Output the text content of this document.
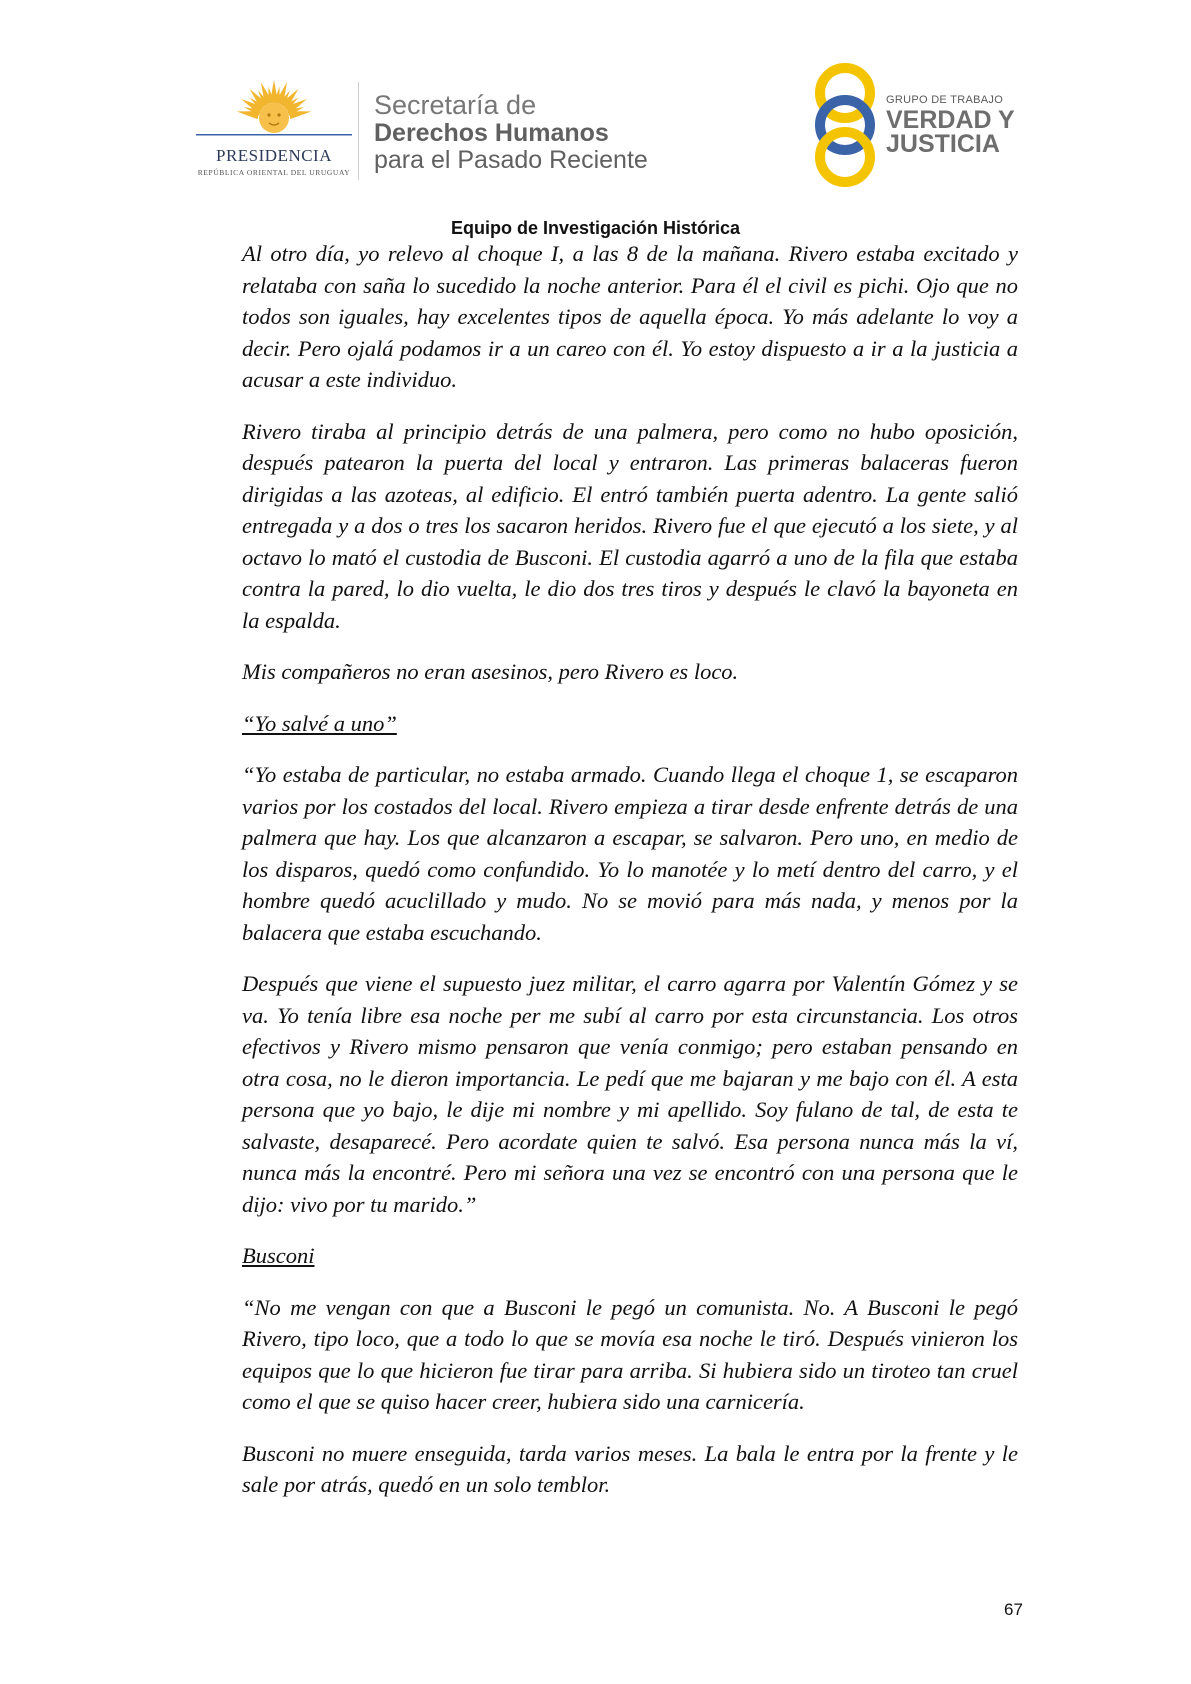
PRESIDENCIA
REPÚBLICA ORIENTAL DEL URUGUAY
Secretaría de
Derechos Humanos
para el Pasado Reciente
GRUPO DE TRABAJO
VERDAD Y
JUSTICIA
Equipo de Investigación Histórica

Al otro día, yo relevo al choque I, a las 8 de la mañana. Rivero estaba excitado y relataba con saña lo sucedido la noche anterior. Para él el civil es pichi. Ojo que no todos son iguales, hay excelentes tipos de aquella época. Yo más adelante lo voy a decir. Pero ojalá podamos ir a un careo con él. Yo estoy dispuesto a ir a la justicia a acusar a este individuo.

Rivero tiraba al principio detrás de una palmera, pero como no hubo oposición, después patearon la puerta del local y entraron. Las primeras balaceras fueron dirigidas a las azoteas, al edificio. El entró también puerta adentro. La gente salió entregada y a dos o tres los sacaron heridos. Rivero fue el que ejecutó a los siete, y al octavo lo mató el custodia de Busconi. El custodia agarró a uno de la fila que estaba contra la pared, lo dio vuelta, le dio dos tres tiros y después le clavó la bayoneta en la espalda.

Mis compañeros no eran asesinos, pero Rivero es loco.

“Yo salvé a uno”

“Yo estaba de particular, no estaba armado. Cuando llega el choque 1, se escaparon varios por los costados del local. Rivero empieza a tirar desde enfrente detrás de una palmera que hay. Los que alcanzaron a escapar, se salvaron. Pero uno, en medio de los disparos, quedó como confundido. Yo lo manotée y lo metí dentro del carro, y el hombre quedó acuclillado y mudo. No se movió para más nada, y menos por la balacera que estaba escuchando.

Después que viene el supuesto juez militar, el carro agarra por Valentín Gómez y se va. Yo tenía libre esa noche per me subí al carro por esta circunstancia. Los otros efectivos y Rivero mismo pensaron que venía conmigo; pero estaban pensando en otra cosa, no le dieron importancia. Le pedí que me bajaran y me bajo con él. A esta persona que yo bajo, le dije mi nombre y mi apellido. Soy fulano de tal, de esta te salvaste, desaparecé. Pero acordate quien te salvó. Esa persona nunca más la ví, nunca más la encontré. Pero mi señora una vez se encontró con una persona que le dijo: vivo por tu marido.”

Busconi

“No me vengan con que a Busconi le pegó un comunista. No. A Busconi le pegó Rivero, tipo loco, que a todo lo que se movía esa noche le tiró. Después vinieron los equipos que lo que hicieron fue tirar para arriba. Si hubiera sido un tiroteo tan cruel como el que se quiso hacer creer, hubiera sido una carnicería.

Busconi no muere enseguida, tarda varios meses. La bala le entra por la frente y le sale por atrás, quedó en un solo temblor.

67
